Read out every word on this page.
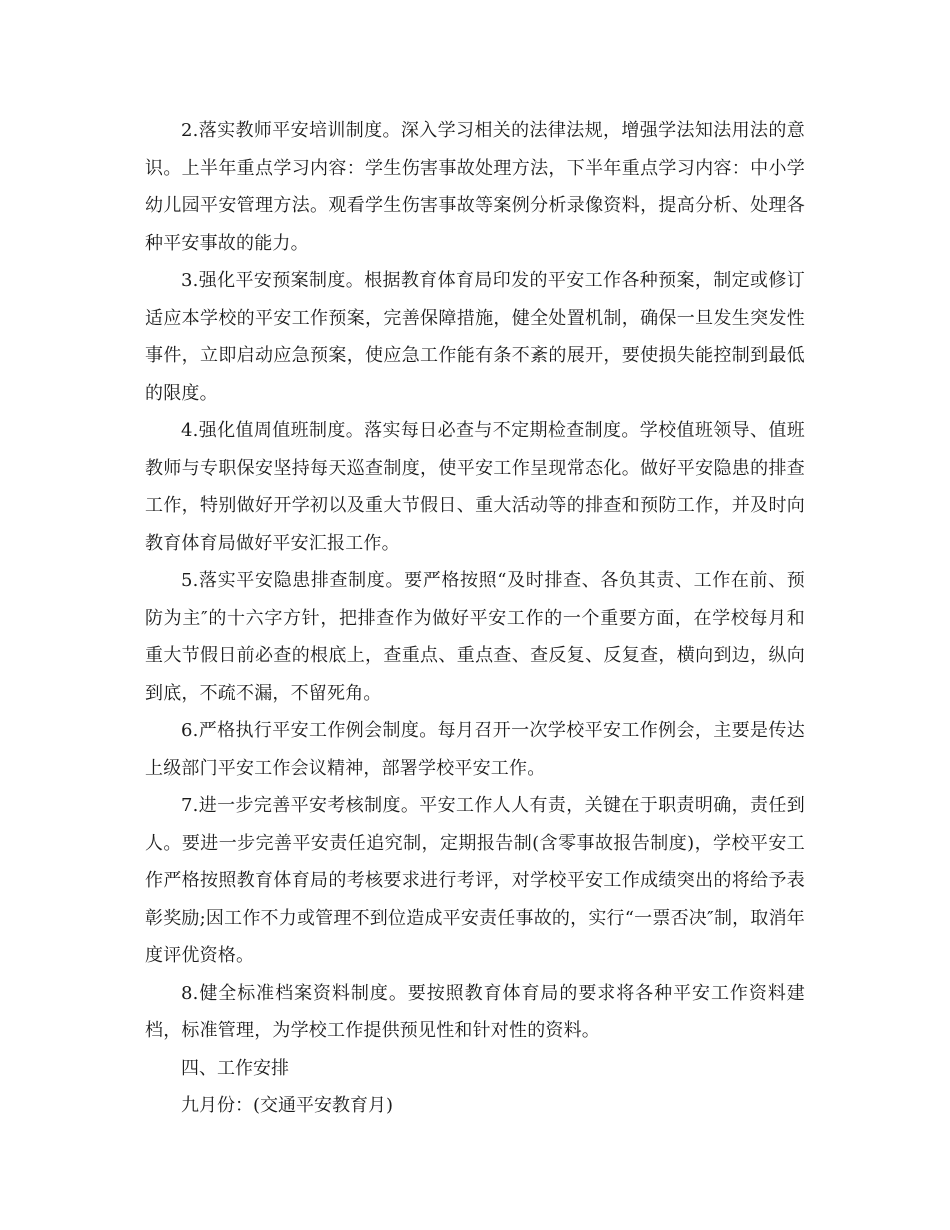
2.落实教师平安培训制度。深入学习相关的法律法规，增强学法知法用法的意识。上半年重点学习内容：学生伤害事故处理方法，下半年重点学习内容：中小学幼儿园平安管理方法。观看学生伤害事故等案例分析录像资料，提高分析、处理各种平安事故的能力。

3.强化平安预案制度。根据教育体育局印发的平安工作各种预案，制定或修订适应本学校的平安工作预案，完善保障措施，健全处置机制，确保一旦发生突发性事件，立即启动应急预案，使应急工作能有条不紊的展开，要使损失能控制到最低的限度。

4.强化值周值班制度。落实每日必查与不定期检查制度。学校值班领导、值班教师与专职保安坚持每天巡查制度，使平安工作呈现常态化。做好平安隐患的排查工作，特别做好开学初以及重大节假日、重大活动等的排查和预防工作，并及时向教育体育局做好平安汇报工作。

5.落实平安隐患排查制度。要严格按照“及时排查、各负其责、工作在前、预防为主″的十六字方针，把排查作为做好平安工作的一个重要方面，在学校每月和重大节假日前必查的根底上，查重点、重点查、查反复、反复查，横向到边，纵向到底，不疏不漏，不留死角。

6.严格执行平安工作例会制度。每月召开一次学校平安工作例会，主要是传达上级部门平安工作会议精神，部署学校平安工作。

7.进一步完善平安考核制度。平安工作人人有责，关键在于职责明确，责任到人。要进一步完善平安责任追究制，定期报告制(含零事故报告制度)，学校平安工作严格按照教育体育局的考核要求进行考评，对学校平安工作成绩突出的将给予表彰奖励;因工作不力或管理不到位造成平安责任事故的，实行“一票否决″制，取消年度评优资格。

8.健全标准档案资料制度。要按照教育体育局的要求将各种平安工作资料建档，标准管理，为学校工作提供预见性和针对性的资料。

四、工作安排

九月份：(交通平安教育月)
